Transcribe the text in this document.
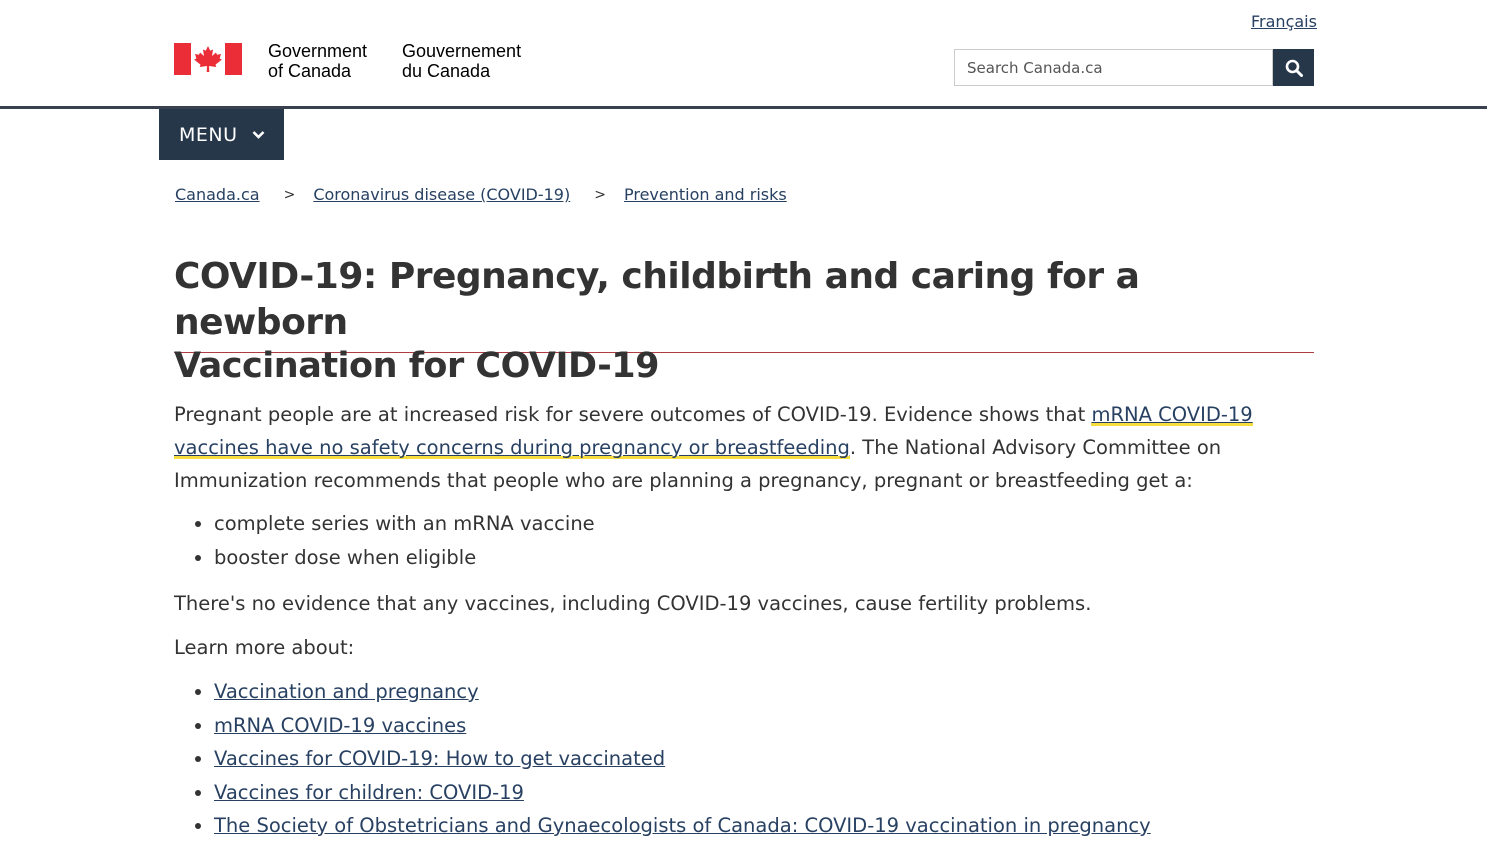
Français
Government
of Canada
Gouvernement
du Canada
Search Canada.ca
MENU
Canada.ca > Coronavirus disease (COVID-19) > Prevention and risks
COVID-19: Pregnancy, childbirth and caring for a newborn
Vaccination for COVID-19

Pregnant people are at increased risk for severe outcomes of COVID-19. Evidence shows that mRNA COVID-19 vaccines have no safety concerns during pregnancy or breastfeeding. The National Advisory Committee on Immunization recommends that people who are planning a pregnancy, pregnant or breastfeeding get a:

• complete series with an mRNA vaccine
• booster dose when eligible

There's no evidence that any vaccines, including COVID-19 vaccines, cause fertility problems.

Learn more about:

• Vaccination and pregnancy
• mRNA COVID-19 vaccines
• Vaccines for COVID-19: How to get vaccinated
• Vaccines for children: COVID-19
• The Society of Obstetricians and Gynaecologists of Canada: COVID-19 vaccination in pregnancy
